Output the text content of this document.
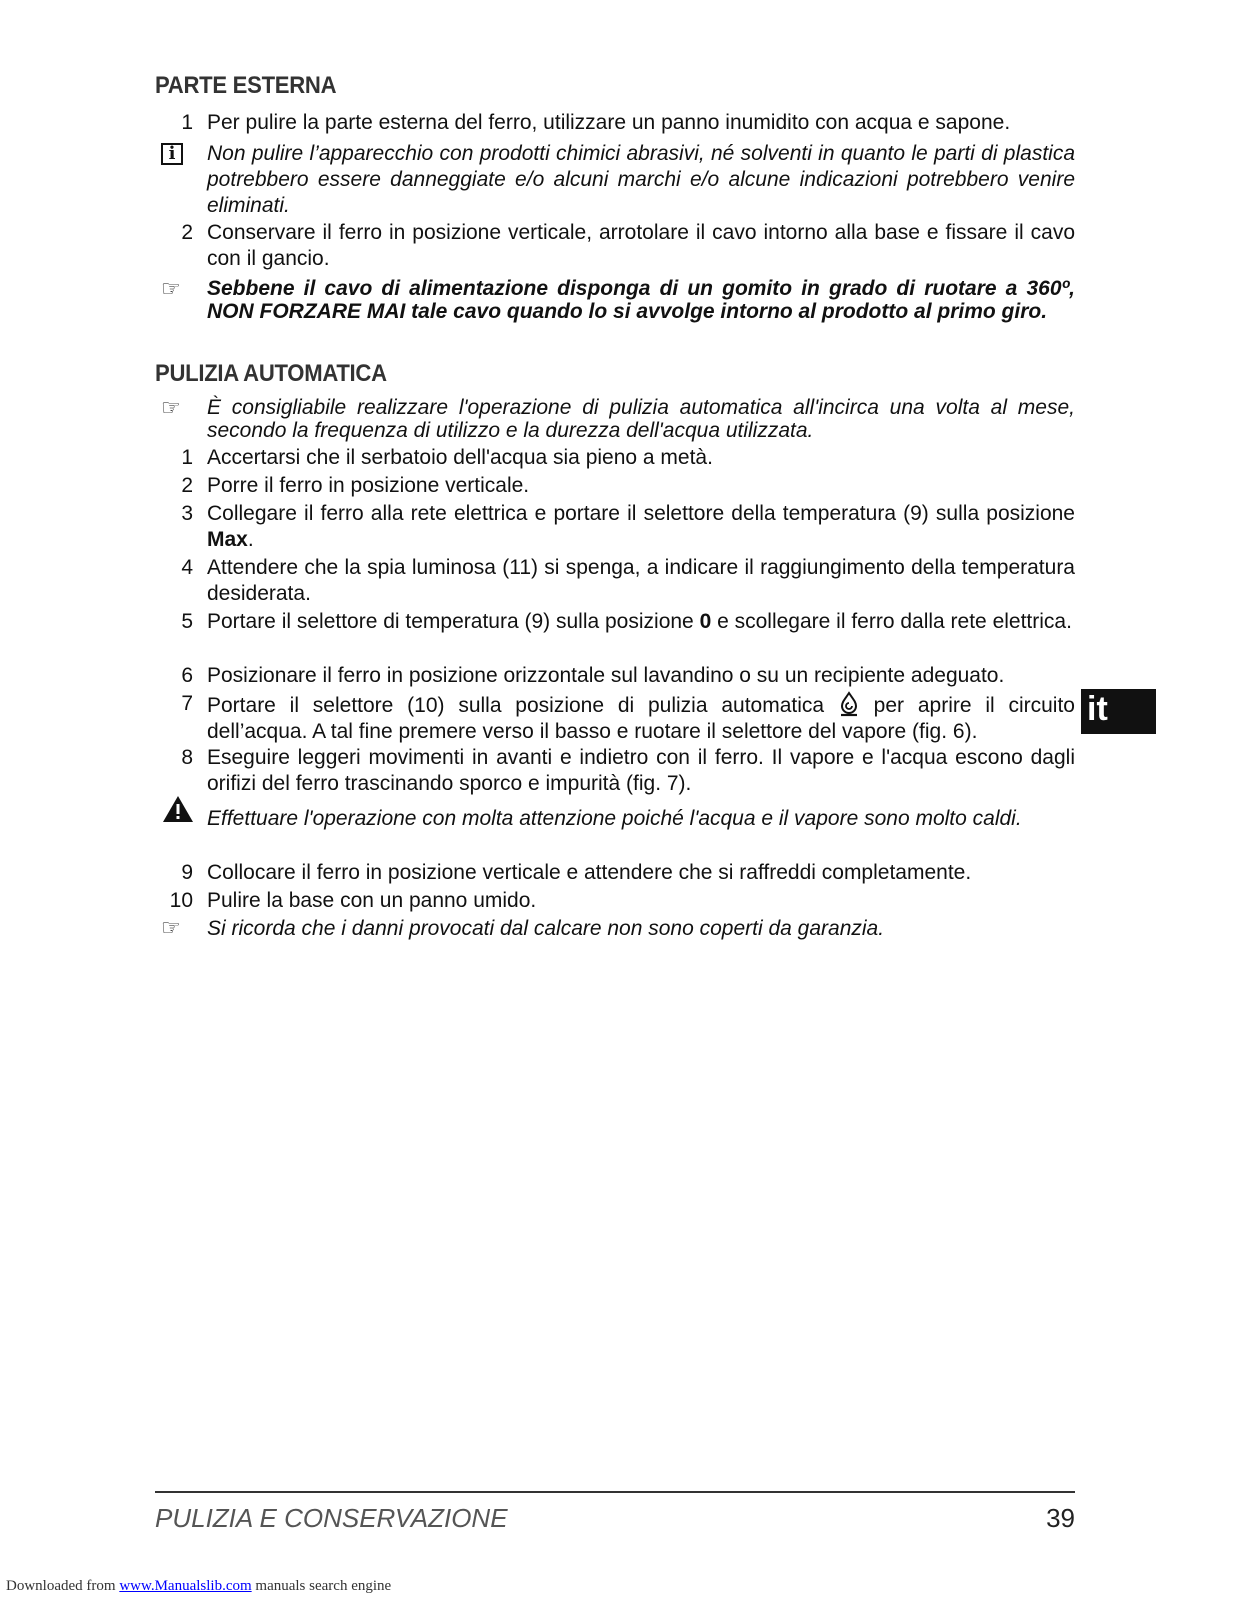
PARTE ESTERNA
1 Per pulire la parte esterna del ferro, utilizzare un panno inumidito con acqua e sapone.
i	Non pulire l’apparecchio con prodotti chimici abrasivi, né solventi in quanto le parti di plastica potrebbero essere danneggiate e/o alcuni marchi e/o alcune indicazioni potrebbero venire eliminati.
2 Conservare il ferro in posizione verticale, arrotolare il cavo intorno alla base e fissare il cavo con il gancio.
☞	Sebbene il cavo di alimentazione disponga di un gomito in grado di ruotare a 360º, NON FORZARE MAI tale cavo quando lo si avvolge intorno al prodotto al primo giro.
PULIZIA AUTOMATICA
☞	È consigliabile realizzare l'operazione di pulizia automatica all'incirca una volta al mese, secondo la frequenza di utilizzo e la durezza dell'acqua utilizzata.
1 Accertarsi che il serbatoio dell'acqua sia pieno a metà.
2 Porre il ferro in posizione verticale.
3 Collegare il ferro alla rete elettrica e portare il selettore della temperatura (9) sulla posizione Max.
4 Attendere che la spia luminosa (11) si spenga, a indicare il raggiungimento della temperatura desiderata.
5 Portare il selettore di temperatura (9) sulla posizione 0 e scollegare il ferro dalla rete elettrica.
6 Posizionare il ferro in posizione orizzontale sul lavandino o su un recipiente adeguato.
7 Portare il selettore (10) sulla posizione di pulizia automatica  per aprire il circuito dell’acqua. A tal fine premere verso il basso e ruotare il selettore del vapore (fig. 6).
8 Eseguire leggeri movimenti in avanti e indietro con il ferro. Il vapore e l'acqua escono dagli orifizi del ferro trascinando sporco e impurità (fig. 7).
Effettuare l'operazione con molta attenzione poiché l'acqua e il vapore sono molto caldi.
9 Collocare il ferro in posizione verticale e attendere che si raffreddi completamente.
10 Pulire la base con un panno umido.
☞	Si ricorda che i danni provocati dal calcare non sono coperti da garanzia.
it
PULIZIA E CONSERVAZIONE	39
Downloaded from www.Manualslib.com manuals search engine
